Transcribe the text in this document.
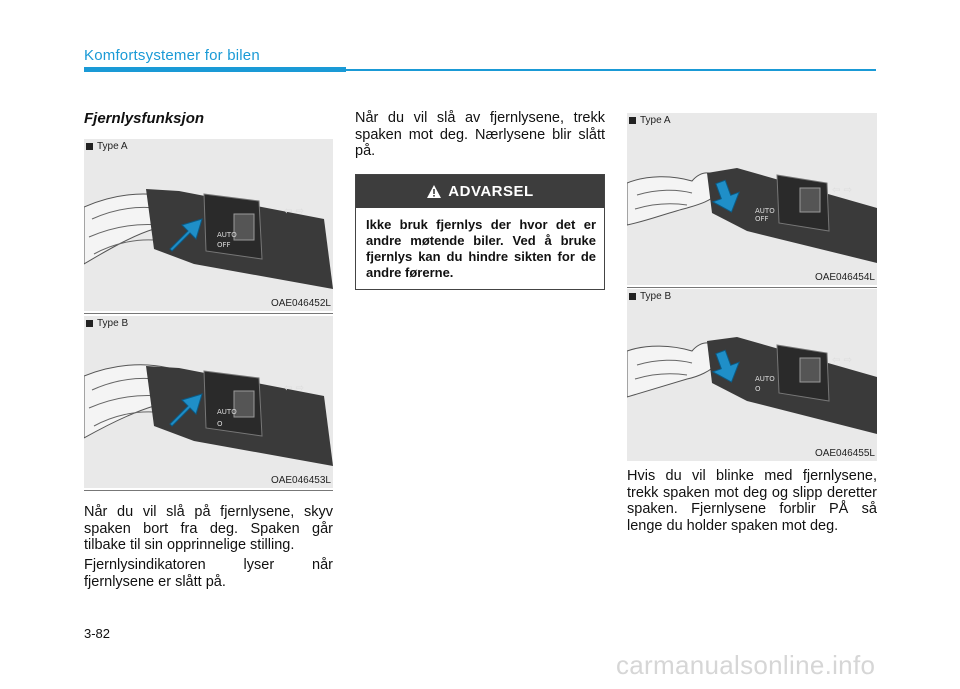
Komfortsystemer for bilen
Fjernlysfunksjon
AUTO
OFF
⇦ ⇨
Type A
OAE046452L
AUTO
O
⇦ ⇨
Type B
OAE046453L
Når du vil slå på fjernlysene, skyv spaken bort fra deg. Spaken går tilbake til sin opprinnelige stilling.
Fjernlysindikatoren lyser når fjernlysene er slått på.
Når du vil slå av fjernlysene, trekk spaken mot deg. Nærlysene blir slått på.
ADVARSEL
Ikke bruk fjernlys der hvor det er andre møtende biler. Ved å bruke fjernlys kan du hindre sikten for de andre førerne.
AUTO
OFF
⇦ ⇨
Type A
OAE046454L
AUTO
O
⇦ ⇨
Type B
OAE046455L
Hvis du vil blinke med fjernlysene, trekk spaken mot deg og slipp deretter spaken. Fjernlysene forblir PÅ så lenge du holder spaken mot deg.
3-82
carmanualsonline.info
